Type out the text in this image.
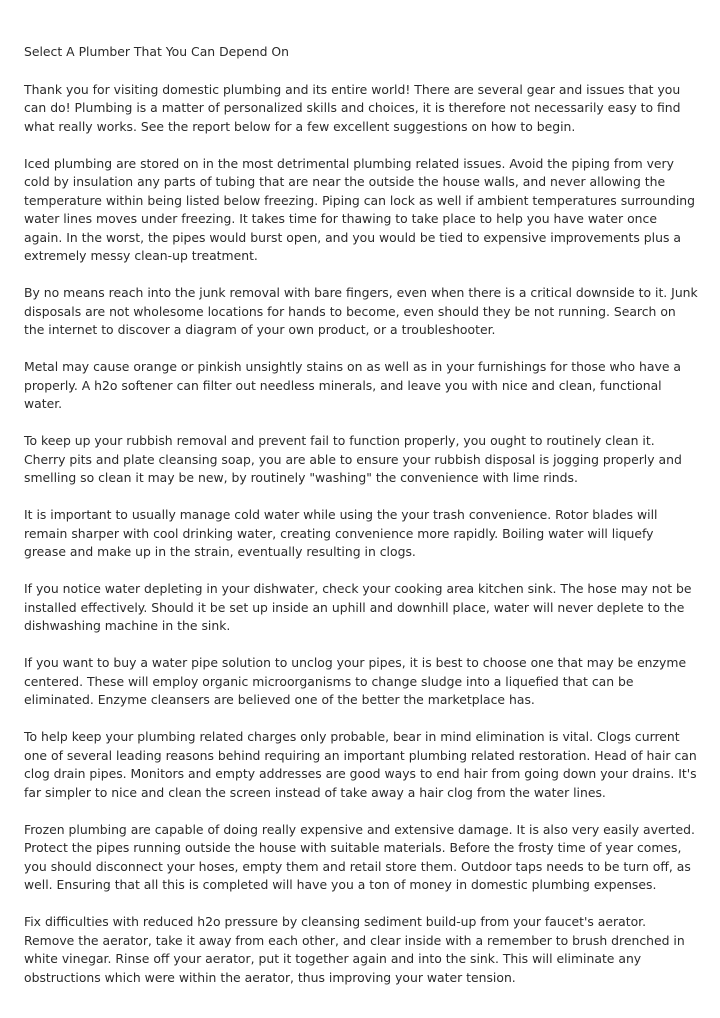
Select A Plumber That You Can Depend On

Thank you for visiting domestic plumbing and its entire world! There are several gear and issues that you can do! Plumbing is a matter of personalized skills and choices, it is therefore not necessarily easy to find what really works. See the report below for a few excellent suggestions on how to begin.

Iced plumbing are stored on in the most detrimental plumbing related issues. Avoid the piping from very cold by insulation any parts of tubing that are near the outside the house walls, and never allowing the temperature within being listed below freezing. Piping can lock as well if ambient temperatures surrounding water lines moves under freezing. It takes time for thawing to take place to help you have water once again. In the worst, the pipes would burst open, and you would be tied to expensive improvements plus a extremely messy clean-up treatment.

By no means reach into the junk removal with bare fingers, even when there is a critical downside to it. Junk disposals are not wholesome locations for hands to become, even should they be not running. Search on the internet to discover a diagram of your own product, or a troubleshooter.

Metal may cause orange or pinkish unsightly stains on as well as in your furnishings for those who have a properly. A h2o softener can filter out needless minerals, and leave you with nice and clean, functional water.

To keep up your rubbish removal and prevent fail to function properly, you ought to routinely clean it. Cherry pits and plate cleansing soap, you are able to ensure your rubbish disposal is jogging properly and smelling so clean it may be new, by routinely "washing" the convenience with lime rinds.

It is important to usually manage cold water while using the your trash convenience. Rotor blades will remain sharper with cool drinking water, creating convenience more rapidly. Boiling water will liquefy grease and make up in the strain, eventually resulting in clogs.

If you notice water depleting in your dishwater, check your cooking area kitchen sink. The hose may not be installed effectively. Should it be set up inside an uphill and downhill place, water will never deplete to the dishwashing machine in the sink.

If you want to buy a water pipe solution to unclog your pipes, it is best to choose one that may be enzyme centered. These will employ organic microorganisms to change sludge into a liquefied that can be eliminated. Enzyme cleansers are believed one of the better the marketplace has.

To help keep your plumbing related charges only probable, bear in mind elimination is vital. Clogs current one of several leading reasons behind requiring an important plumbing related restoration. Head of hair can clog drain pipes. Monitors and empty addresses are good ways to end hair from going down your drains. It's far simpler to nice and clean the screen instead of take away a hair clog from the water lines.

Frozen plumbing are capable of doing really expensive and extensive damage. It is also very easily averted. Protect the pipes running outside the house with suitable materials. Before the frosty time of year comes, you should disconnect your hoses, empty them and retail store them. Outdoor taps needs to be turn off, as well. Ensuring that all this is completed will have you a ton of money in domestic plumbing expenses.

Fix difficulties with reduced h2o pressure by cleansing sediment build-up from your faucet's aerator. Remove the aerator, take it away from each other, and clear inside with a remember to brush drenched in white vinegar. Rinse off your aerator, put it together again and into the sink. This will eliminate any obstructions which were within the aerator, thus improving your water tension.
